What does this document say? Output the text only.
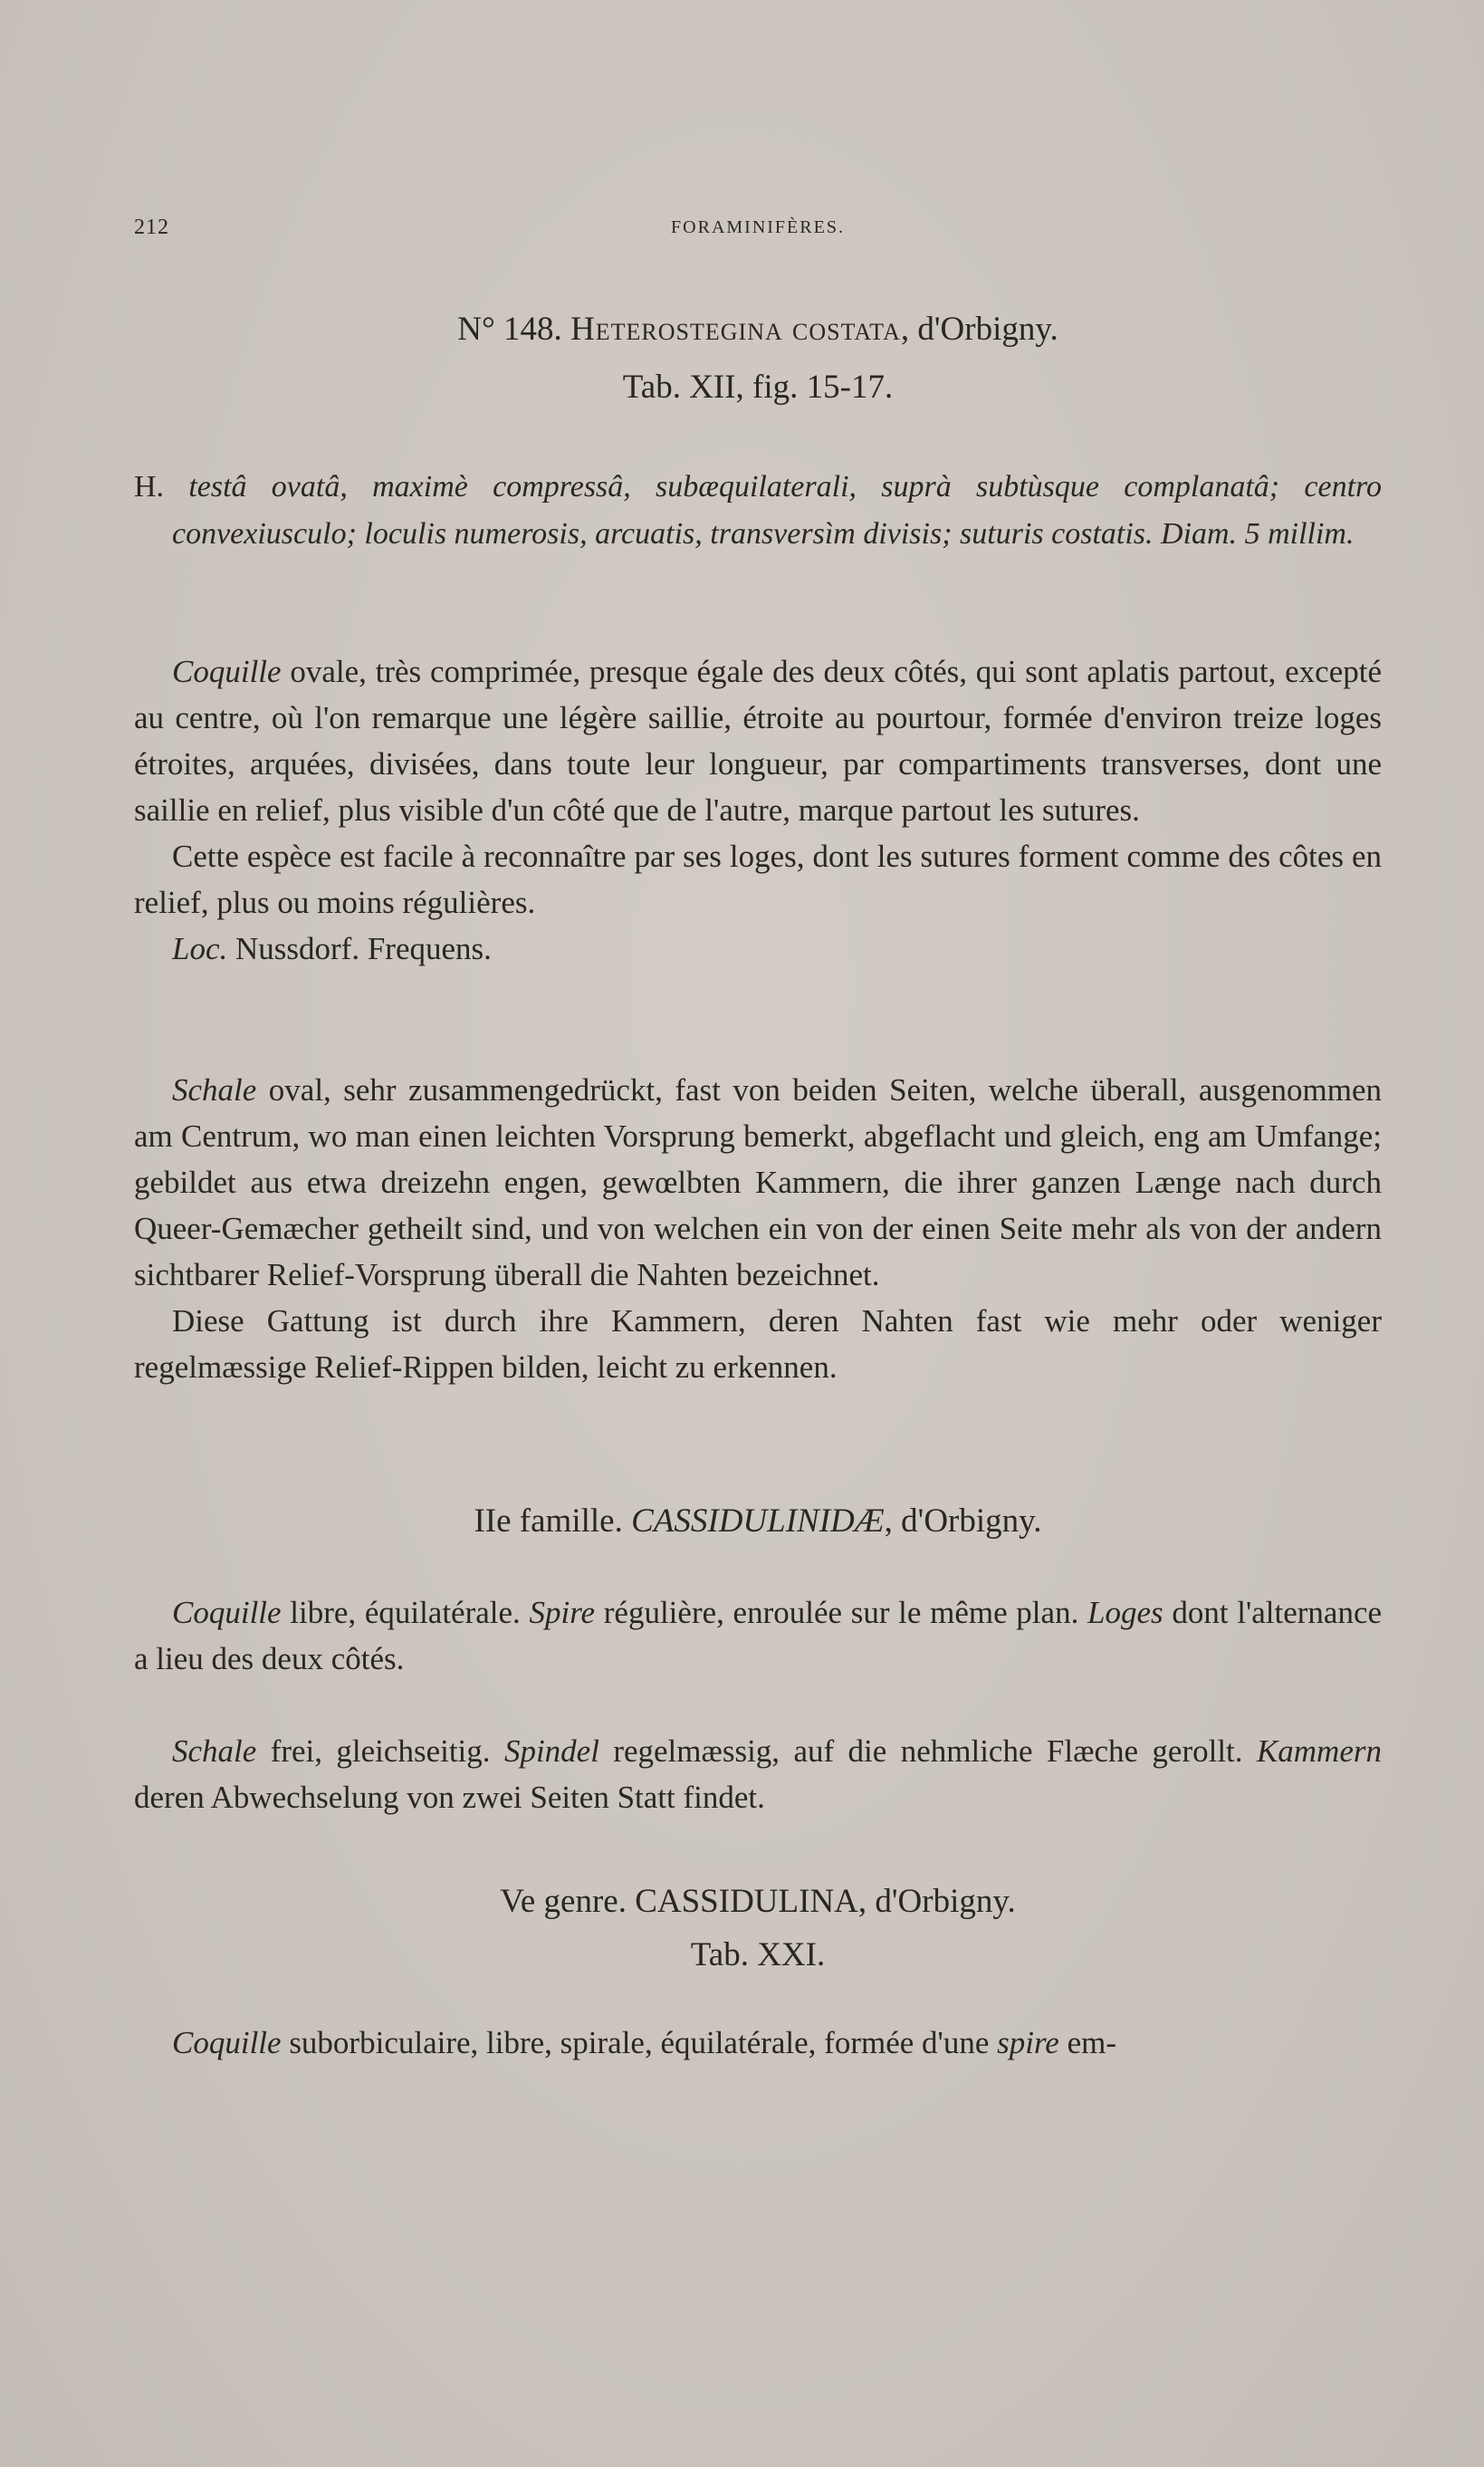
212	FORAMINIFÈRES.
N° 148. Heterostegina costata, d'Orbigny.
Tab. XII, fig. 15-17.
H. testâ ovatâ, maximè compressâ, subæquilaterali, suprà subtùsque complanatâ; centro convexiusculo; loculis numerosis, arcuatis, transversìm divisis; suturis costatis. Diam. 5 millim.

Coquille ovale, très comprimée, presque égale des deux côtés, qui sont aplatis partout, excepté au centre, où l'on remarque une légère saillie, étroite au pourtour, formée d'environ treize loges étroites, arquées, divisées, dans toute leur longueur, par compartiments transverses, dont une saillie en relief, plus visible d'un côté que de l'autre, marque partout les sutures.

Cette espèce est facile à reconnaître par ses loges, dont les sutures forment comme des côtes en relief, plus ou moins régulières.

Loc. Nussdorf. Frequens.

Schale oval, sehr zusammengedrückt, fast von beiden Seiten, welche überall, ausgenommen am Centrum, wo man einen leichten Vorsprung bemerkt, abgeflacht und gleich, eng am Umfange; gebildet aus etwa dreizehn engen, gewœlbten Kammern, die ihrer ganzen Længe nach durch Queer-Gemæcher getheilt sind, und von welchen ein von der einen Seite mehr als von der andern sichtbarer Relief-Vorsprung überall die Nahten bezeichnet.

Diese Gattung ist durch ihre Kammern, deren Nahten fast wie mehr oder weniger regelmæssige Relief-Rippen bilden, leicht zu erkennen.

IIe famille. CASSIDULINIDÆ, d'Orbigny.

Coquille libre, équilatérale. Spire régulière, enroulée sur le même plan. Loges dont l'alternance a lieu des deux côtés.

Schale frei, gleichseitig. Spindel regelmæssig, auf die nehmliche Flæche gerollt. Kammern deren Abwechselung von zwei Seiten Statt findet.

Ve genre. CASSIDULINA, d'Orbigny.
Tab. XXI.

Coquille suborbiculaire, libre, spirale, équilatérale, formée d'une spire em-
